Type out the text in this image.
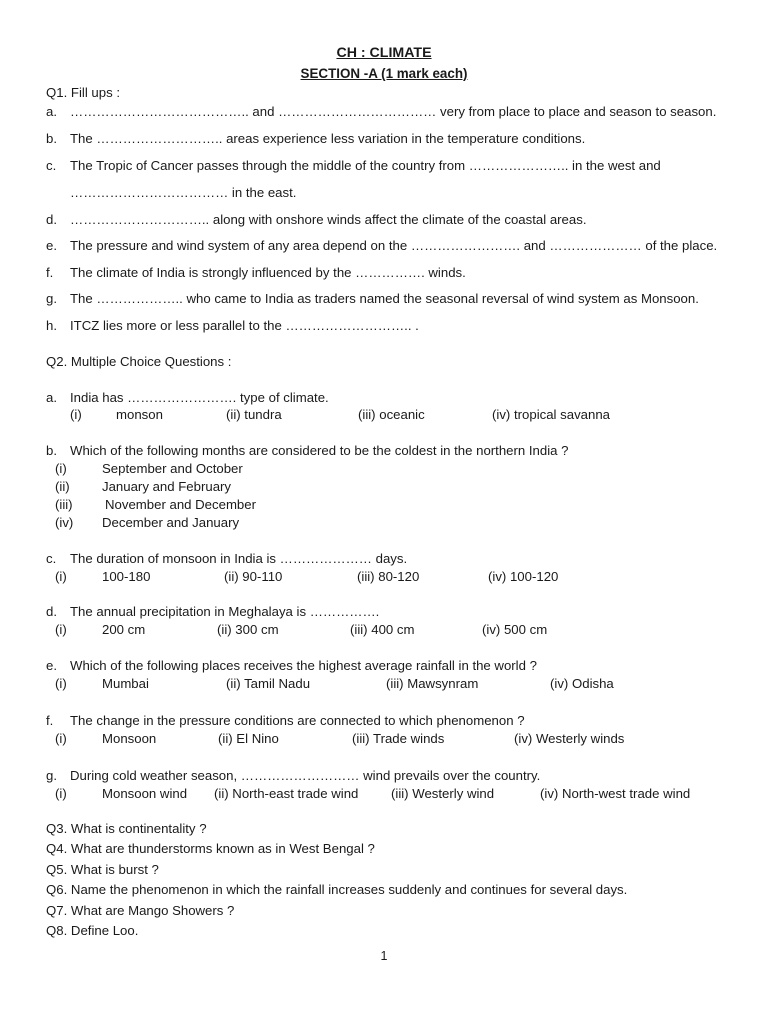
CH : CLIMATE
SECTION -A (1 mark each)
Q1. Fill ups :
a. ………………………………….. and ……………………………… very from place to place and season to season.
b. The ……………………….. areas experience less variation in the temperature conditions.
c. The Tropic of Cancer passes through the middle of the country from ………………….. in the west and
……………………………… in the east.
d. ………………………….. along with onshore winds affect the climate of the coastal areas.
e. The pressure and wind system of any area depend on the ……………………. and ………………… of the place.
f. The climate of India is strongly influenced by the ……………. winds.
g. The ……………….. who came to India as traders named the seasonal reversal of wind system as Monsoon.
h. ITCZ lies more or less parallel to the ……………………….. .
Q2. Multiple Choice Questions :
a. India has ……………………. type of climate.
(i)	monson	(ii) tundra	(iii) oceanic	(iv) tropical savanna
b. Which of the following months are considered to be the coldest in the northern India ?
(i)	September and October
(ii) January and February
(iii) November and December
(iv) December and January
c. The duration of monsoon in India is ………………… days.
(i)	100-180	(ii) 90-110	(iii) 80-120	(iv) 100-120
d. The annual precipitation in Meghalaya is …………….
(i)	200 cm	(ii) 300 cm	(iii) 400 cm	(iv) 500 cm
e. Which of the following places receives the highest average rainfall in the world ?
(i)	Mumbai	(ii) Tamil Nadu	(iii) Mawsynram	(iv) Odisha
f. The change in the pressure conditions are connected to which phenomenon ?
(i)	Monsoon	(ii) El Nino	(iii) Trade winds	(iv) Westerly winds
g. During cold weather season, ……………………… wind prevails over the country.
(i)	Monsoon wind (ii) North-east trade wind (iii) Westerly wind	(iv) North-west trade wind
Q3. What is continentality ?
Q4. What are thunderstorms known as in West Bengal ?
Q5. What is burst ?
Q6. Name the phenomenon in which the rainfall increases suddenly and continues for several days.
Q7. What are Mango Showers ?
Q8. Define Loo.
1
